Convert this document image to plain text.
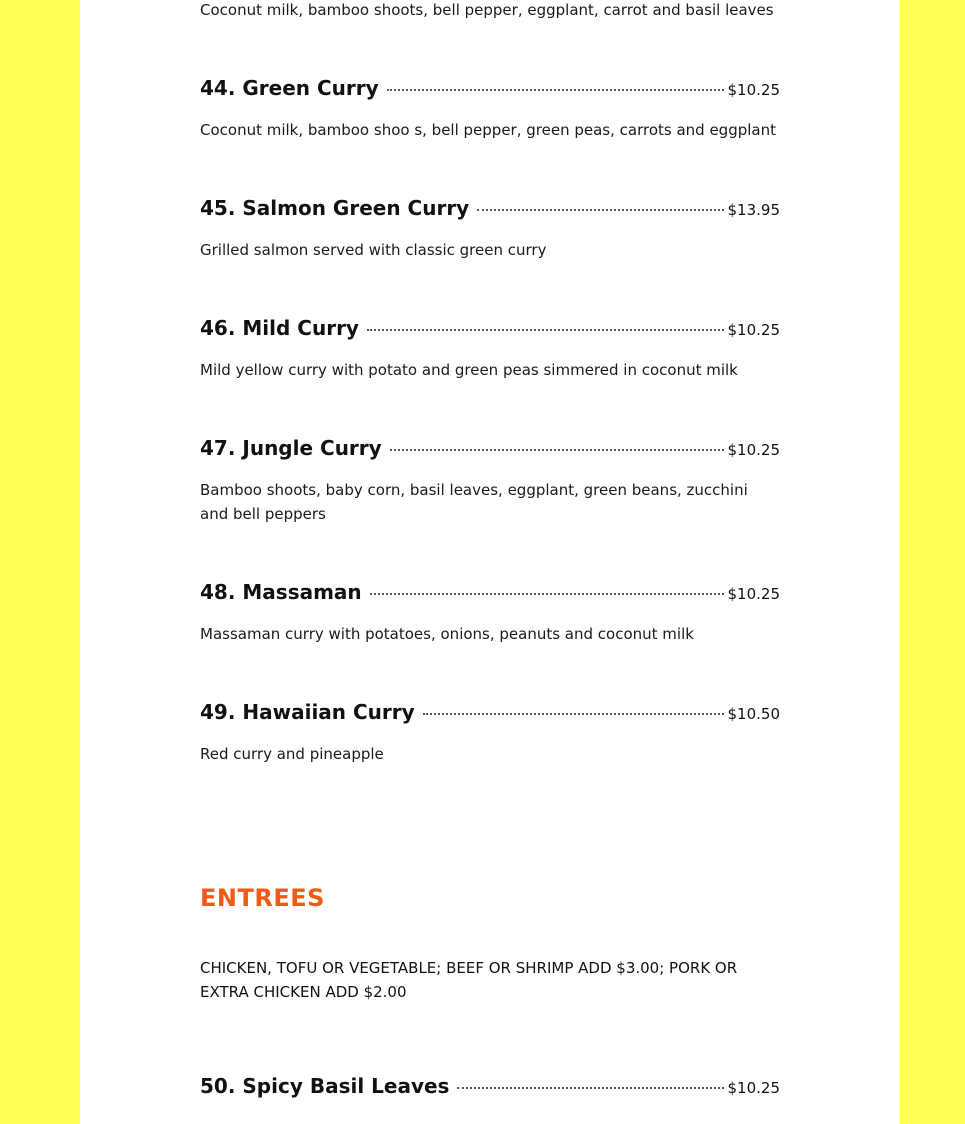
Coconut milk, bamboo shoots, bell pepper, eggplant, carrot and basil leaves

44. Green Curry	$10.25

Coconut milk, bamboo shoo s, bell pepper, green peas, carrots and eggplant

45. Salmon Green Curry	$13.95

Grilled salmon served with classic green curry

46. Mild Curry	$10.25

Mild yellow curry with potato and green peas simmered in coconut milk

47. Jungle Curry	$10.25

Bamboo shoots, baby corn, basil leaves, eggplant, green beans, zucchini and bell peppers

48. Massaman	$10.25

Massaman curry with potatoes, onions, peanuts and coconut milk

49. Hawaiian Curry	$10.50

Red curry and pineapple

ENTREES

CHICKEN, TOFU OR VEGETABLE; BEEF OR SHRIMP ADD $3.00; PORK OR EXTRA CHICKEN ADD $2.00

50. Spicy Basil Leaves	$10.25
